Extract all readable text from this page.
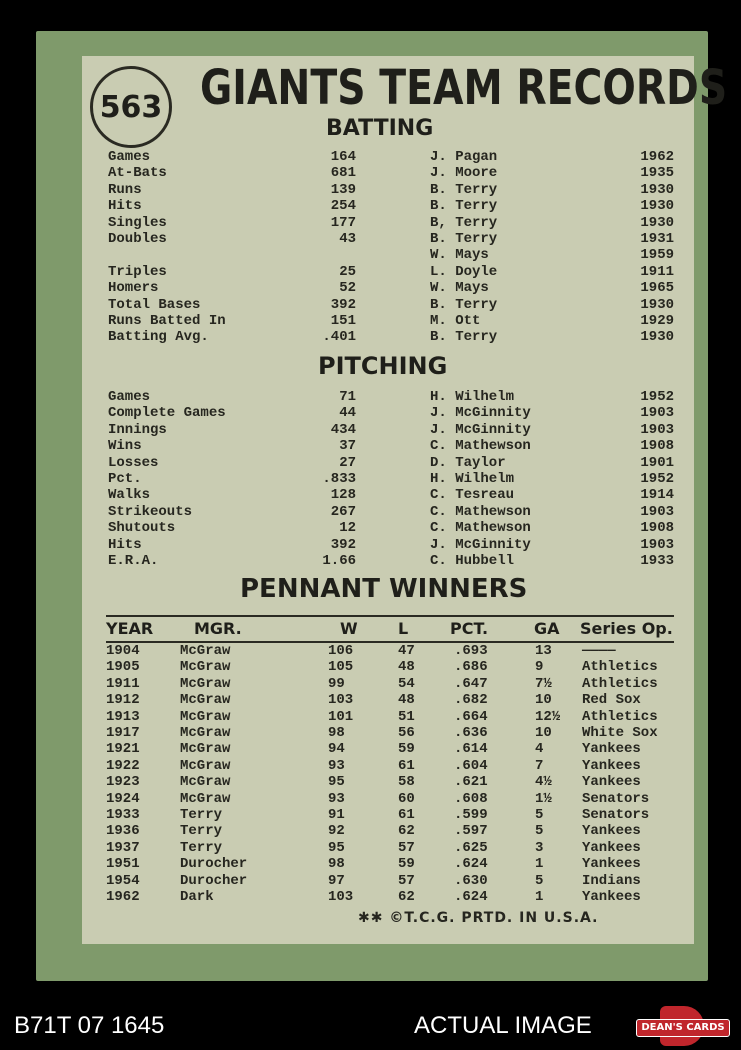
563 GIANTS TEAM RECORDS
BATTING
Games	164	J. Pagan	1962
At-Bats	681	J. Moore	1935
Runs	139	B. Terry	1930
Hits	254	B. Terry	1930
Singles	177	B, Terry	1930
Doubles	43	B. Terry	1931
W. Mays	1959
Triples	25	L. Doyle	1911
Homers	52	W. Mays	1965
Total Bases	392	B. Terry	1930
Runs Batted In	151	M. Ott	1929
Batting Avg.	.401	B. Terry	1930
PITCHING
Games	71	H. Wilhelm	1952
Complete Games	44	J. McGinnity	1903
Innings	434	J. McGinnity	1903
Wins	37	C. Mathewson	1908
Losses	27	D. Taylor	1901
Pct.	.833	H. Wilhelm	1952
Walks	128	C. Tesreau	1914
Strikeouts	267	C. Mathewson	1903
Shutouts	12	C. Mathewson	1908
Hits	392	J. McGinnity	1903
E.R.A.	1.66	C. Hubbell	1933
PENNANT WINNERS
YEAR	MGR.	W	L	PCT.	GA Series Op.
1904	McGraw	106	47	.693	13 ————
1905	McGraw	105	48	.686	9	Athletics
1911	McGraw	99	54	.647	7½ Athletics
1912	McGraw	103	48	.682	10 Red Sox
1913	McGraw	101	51	.664	12½ Athletics
1917	McGraw	98	56	.636	10 White Sox
1921	McGraw	94	59	.614	4	Yankees
1922	McGraw	93	61	.604	7	Yankees
1923	McGraw	95	58	.621	4½ Yankees
1924	McGraw	93	60	.608	1½ Senators
1933	Terry	91	61	.599	5	Senators
1936	Terry	92	62	.597	5	Yankees
1937	Terry	95	57	.625	3	Yankees
1951	Durocher	98	59	.624	1	Yankees
1954	Durocher	97	57	.630	5	Indians
1962	Dark	103	62	.624	1	Yankees
✱✱ ©T.C.G. PRTD. IN U.S.A.
B71T 07 1645	ACTUAL IMAGE	DEAN'S CARDS
